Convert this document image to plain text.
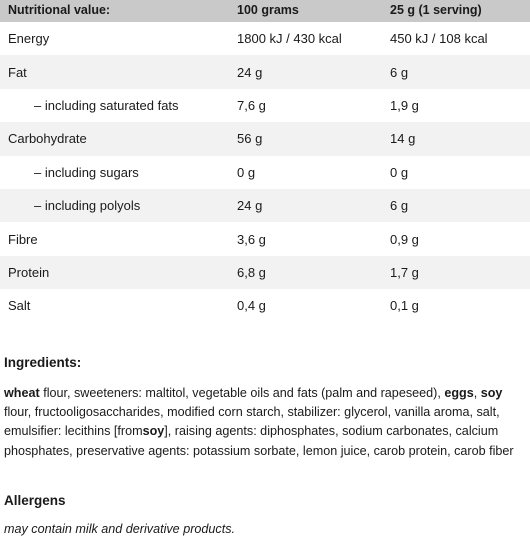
Nutritional value:	100 grams	25 g (1 serving)
Energy	1800 kJ / 430 kcal	450 kJ / 108 kcal
Fat	24 g	6 g
– including saturated fats	7,6 g	1,9 g
Carbohydrate	56 g	14 g
– including sugars	0 g	0 g
– including polyols	24 g	6 g
Fibre	3,6 g	0,9 g
Protein	6,8 g	1,7 g
Salt	0,4 g	0,1 g
Ingredients:
wheat flour, sweeteners: maltitol, vegetable oils and fats (palm and rapeseed), eggs, soy flour, fructooligosaccharides, modified corn starch, stabilizer: glycerol, vanilla aroma, salt, emulsifier: lecithins [fromsoy], raising agents: diphosphates, sodium carbonates, calcium phosphates, preservative agents: potassium sorbate, lemon juice, carob protein, carob fiber
Allergens
may contain milk and derivative products.
